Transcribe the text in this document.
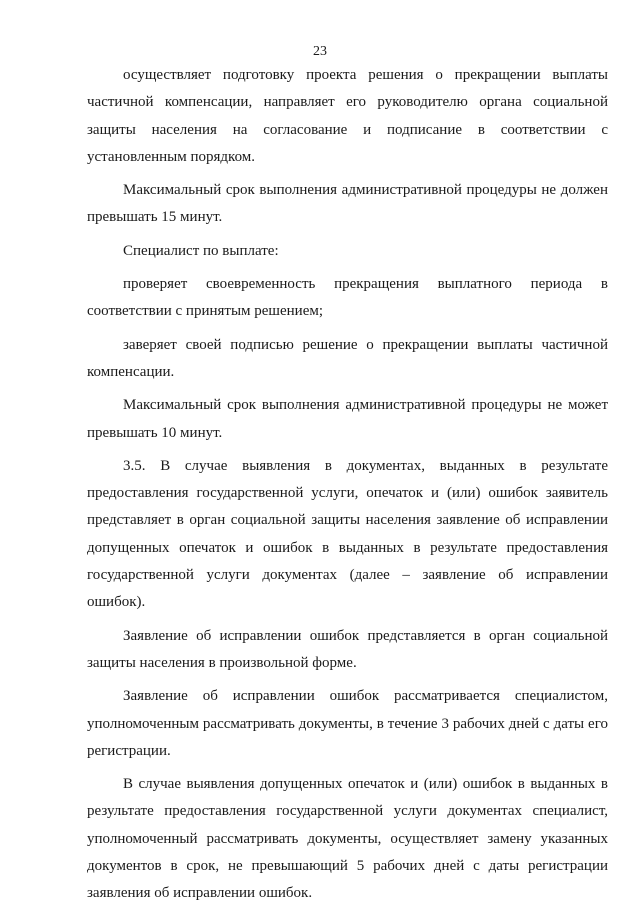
23

осуществляет подготовку проекта решения о прекращении выплаты частичной компенсации, направляет его руководителю органа социальной защиты населения на согласование и подписание в соответствии с установленным порядком.

Максимальный срок выполнения административной процедуры не должен превышать 15 минут.

Специалист по выплате:

проверяет своевременность прекращения выплатного периода в соответствии с принятым решением;

заверяет своей подписью решение о прекращении выплаты частичной компенсации.

Максимальный срок выполнения административной процедуры не может превышать 10 минут.

3.5. В случае выявления в документах, выданных в результате предоставления государственной услуги, опечаток и (или) ошибок заявитель представляет в орган социальной защиты населения заявление об исправлении допущенных опечаток и ошибок в выданных в результате предоставления государственной услуги документах (далее – заявление об исправлении ошибок).

Заявление об исправлении ошибок представляется в орган социальной защиты населения в произвольной форме.

Заявление об исправлении ошибок рассматривается специалистом, уполномоченным рассматривать документы, в течение 3 рабочих дней с даты его регистрации.

В случае выявления допущенных опечаток и (или) ошибок в выданных в результате предоставления государственной услуги документах специалист, уполномоченный рассматривать документы, осуществляет замену указанных документов в срок, не превышающий 5 рабочих дней с даты регистрации заявления об исправлении ошибок.
